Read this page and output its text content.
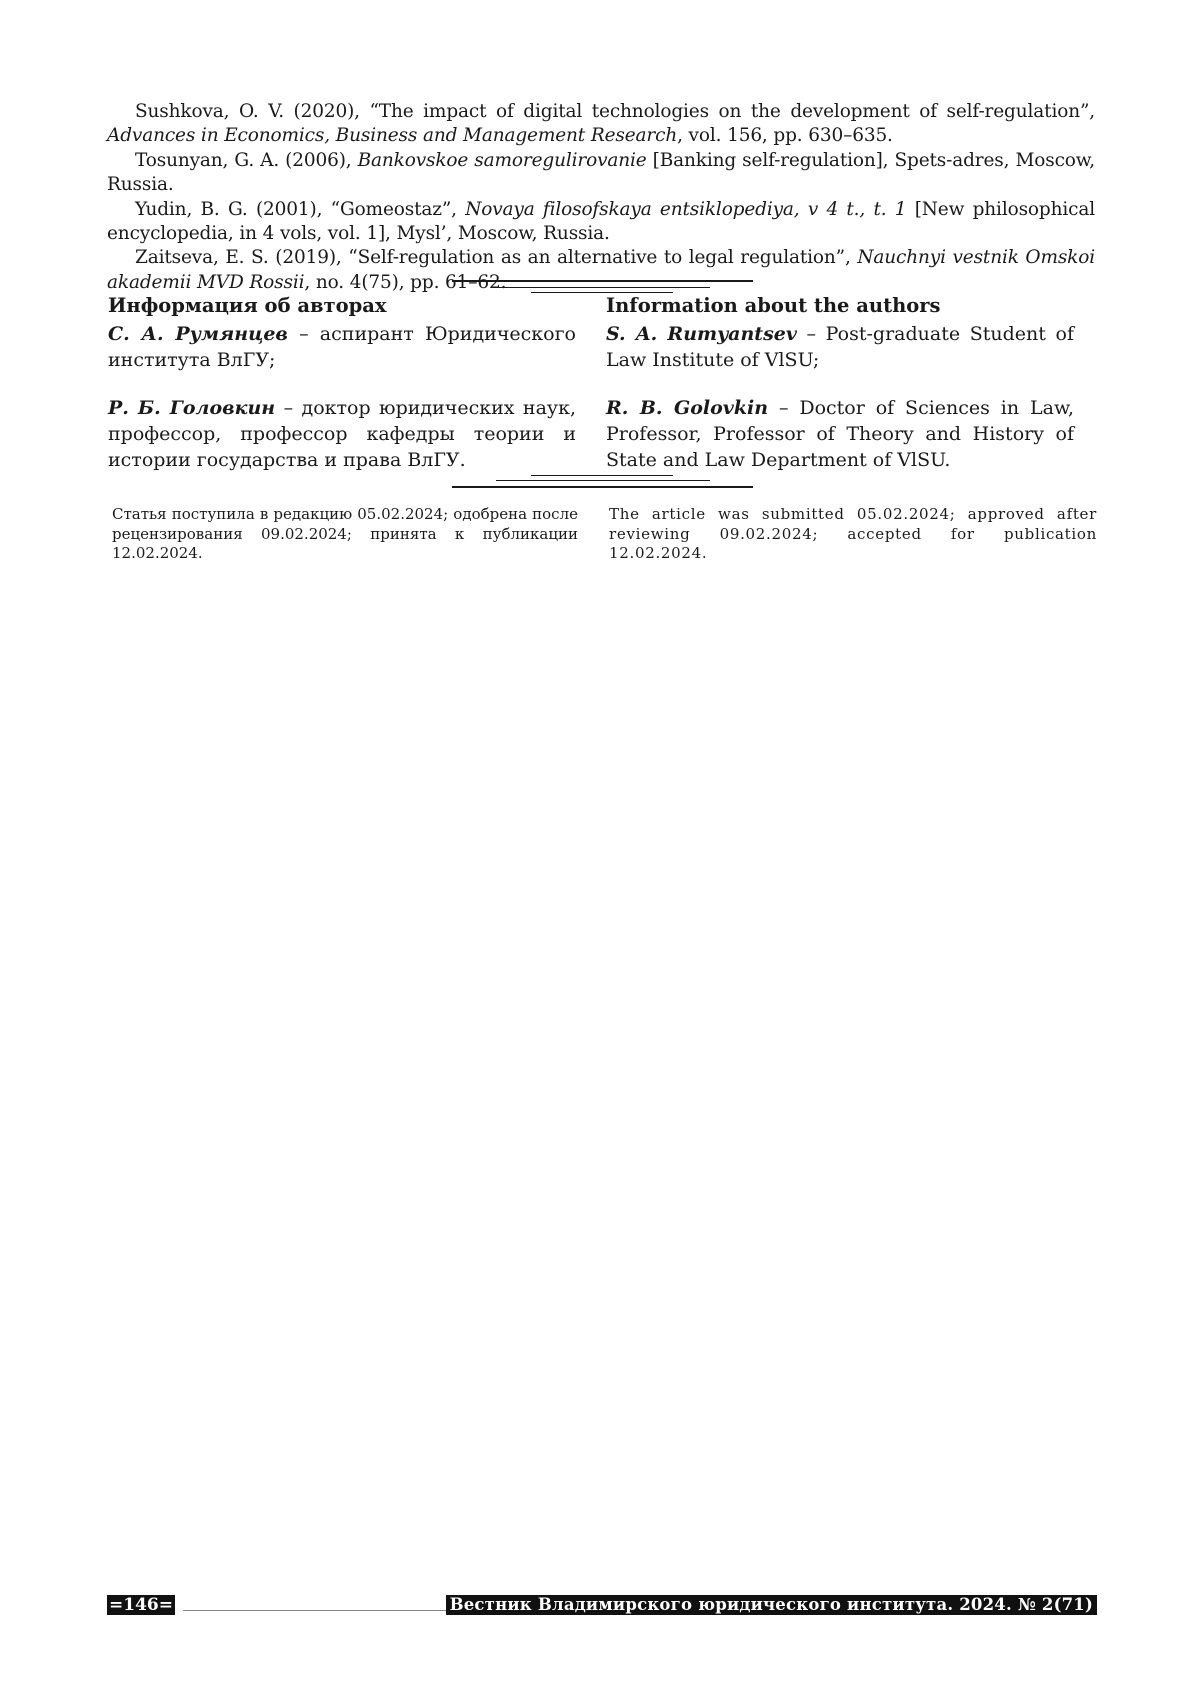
Sushkova, O. V. (2020), “The impact of digital technologies on the development of self-regulation”, Advances in Economics, Business and Management Research, vol. 156, pp. 630–635.

Tosunyan, G. A. (2006), Bankovskoe samoregulirovanie [Banking self-regulation], Spets-adres, Moscow, Russia.

Yudin, B. G. (2001), “Gomeostaz”, Novaya filosofskaya entsiklopediya, v 4 t., t. 1 [New philosophical encyclopedia, in 4 vols, vol. 1], Mysl’, Moscow, Russia.

Zaitseva, E. S. (2019), “Self-regulation as an alternative to legal regulation”, Nauchnyi vestnik Omskoi akademii MVD Rossii, no. 4(75), pp. 61–62.

Информация об авторах

С. А. Румянцев – аспирант Юридического института ВлГУ;

Р. Б. Головкин – доктор юридических наук, профессор, профессор кафедры теории и истории государства и права ВлГУ.

Information about the authors

S. A. Rumyantsev – Post-graduate Student of Law Institute of VlSU;

R. B. Golovkin – Doctor of Sciences in Law, Professor, Professor of Theory and History of State and Law Department of VlSU.

Статья поступила в редакцию 05.02.2024; одобрена после рецензирования 09.02.2024; принята к публикации 12.02.2024.
The article was submitted 05.02.2024; approved after reviewing 09.02.2024; accepted for publication 12.02.2024.
=146=	Вестник Владимирского юридического института. 2024. № 2(71)
